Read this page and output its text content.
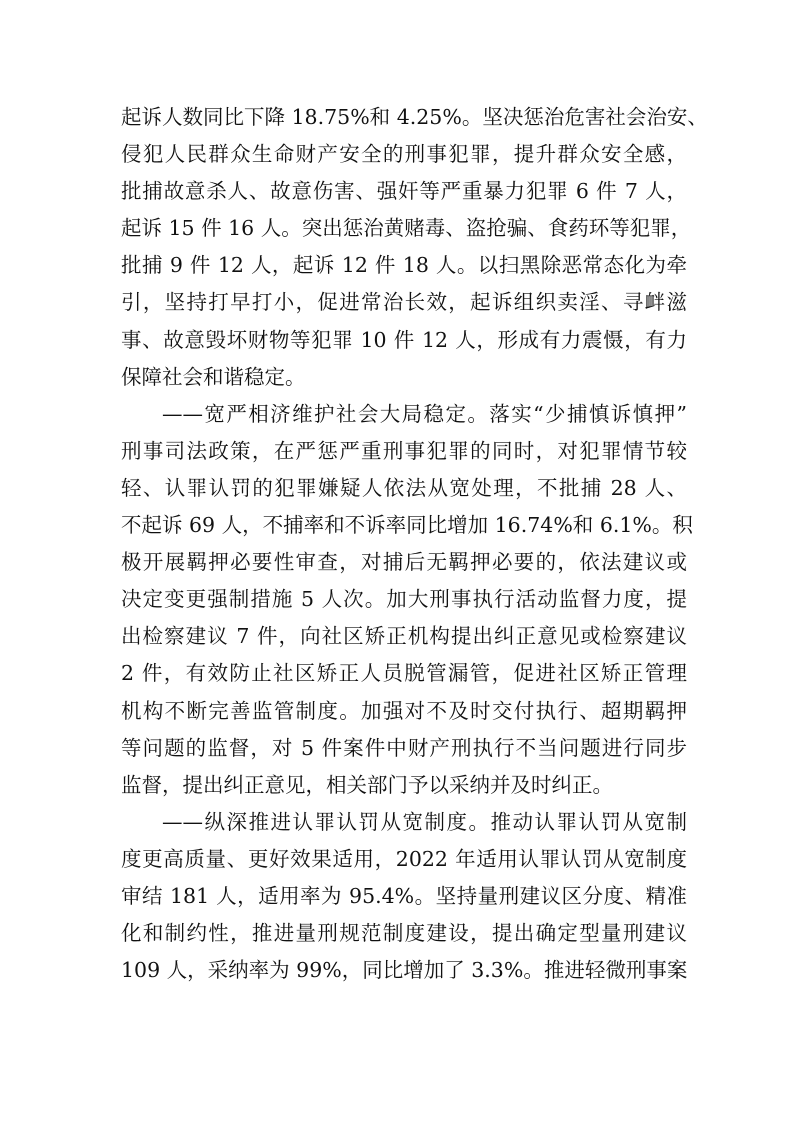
起诉人数同比下降 18.75%和 4.25%。坚决惩治危害社会治安、
侵犯人民群众生命财产安全的刑事犯罪，提升群众安全感，
批捕故意杀人、故意伤害、强奸等严重暴力犯罪 6 件 7 人，
起诉 15 件 16 人。突出惩治黄赌毒、盗抢骗、食药环等犯罪，
批捕 9 件 12 人，起诉 12 件 18 人。以扫黑除恶常态化为牵
引，坚持打早打小，促进常治长效，起诉组织卖淫、寻衅滋
事、故意毁坏财物等犯罪 10 件 12 人，形成有力震慑，有力
保障社会和谐稳定。
——宽严相济维护社会大局稳定。落实“少捕慎诉慎押”
刑事司法政策，在严惩严重刑事犯罪的同时，对犯罪情节较
轻、认罪认罚的犯罪嫌疑人依法从宽处理，不批捕 28 人、
不起诉 69 人，不捕率和不诉率同比增加 16.74%和 6.1%。积
极开展羁押必要性审查，对捕后无羁押必要的，依法建议或
决定变更强制措施 5 人次。加大刑事执行活动监督力度，提
出检察建议 7 件，向社区矫正机构提出纠正意见或检察建议
2 件，有效防止社区矫正人员脱管漏管，促进社区矫正管理
机构不断完善监管制度。加强对不及时交付执行、超期羁押
等问题的监督，对 5 件案件中财产刑执行不当问题进行同步
监督，提出纠正意见，相关部门予以采纳并及时纠正。
——纵深推进认罪认罚从宽制度。推动认罪认罚从宽制
度更高质量、更好效果适用，2022 年适用认罪认罚从宽制度
审结 181 人，适用率为 95.4%。坚持量刑建议区分度、精准
化和制约性，推进量刑规范制度建设，提出确定型量刑建议
109 人，采纳率为 99%，同比增加了 3.3%。推进轻微刑事案
